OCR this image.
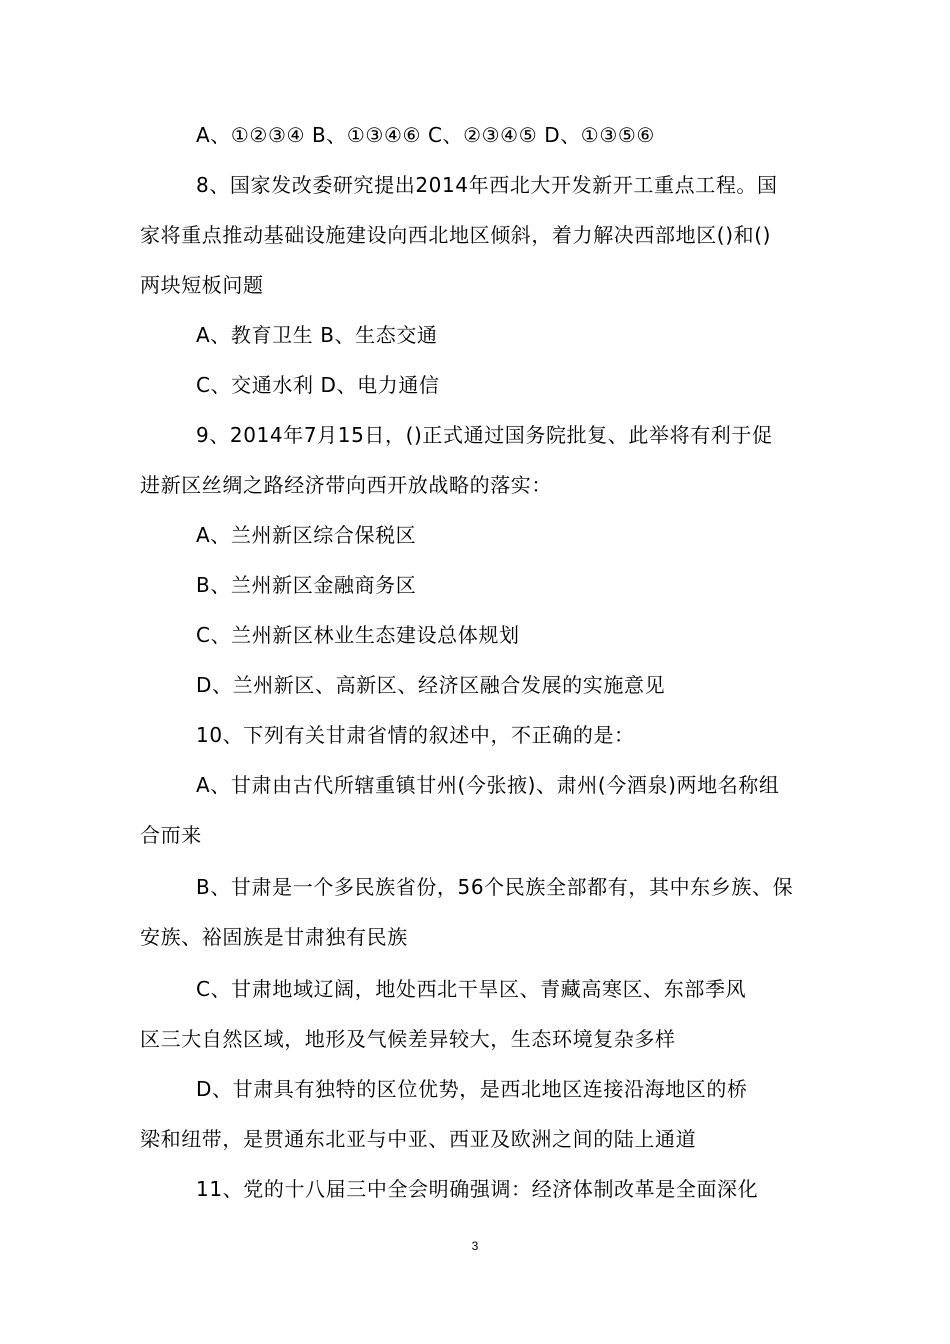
A、①②③④ B、①③④⑥ C、②③④⑤ D、①③⑤⑥
8、国家发改委研究提出2014年西北大开发新开工重点工程。国
家将重点推动基础设施建设向西北地区倾斜，着力解决西部地区()和()
两块短板问题
A、教育卫生 B、生态交通
C、交通水利 D、电力通信
9、2014年7月15日，()正式通过国务院批复、此举将有利于促
进新区丝绸之路经济带向西开放战略的落实：
A、兰州新区综合保税区
B、兰州新区金融商务区
C、兰州新区林业生态建设总体规划
D、兰州新区、高新区、经济区融合发展的实施意见
10、下列有关甘肃省情的叙述中，不正确的是：
A、甘肃由古代所辖重镇甘州(今张掖)、肃州(今酒泉)两地名称组
合而来
B、甘肃是一个多民族省份，56个民族全部都有，其中东乡族、保
安族、裕固族是甘肃独有民族
C、甘肃地域辽阔，地处西北干旱区、青藏高寒区、东部季风
区三大自然区域，地形及气候差异较大，生态环境复杂多样
D、甘肃具有独特的区位优势，是西北地区连接沿海地区的桥
梁和纽带，是贯通东北亚与中亚、西亚及欧洲之间的陆上通道
11、党的十八届三中全会明确强调：经济体制改革是全面深化
3
